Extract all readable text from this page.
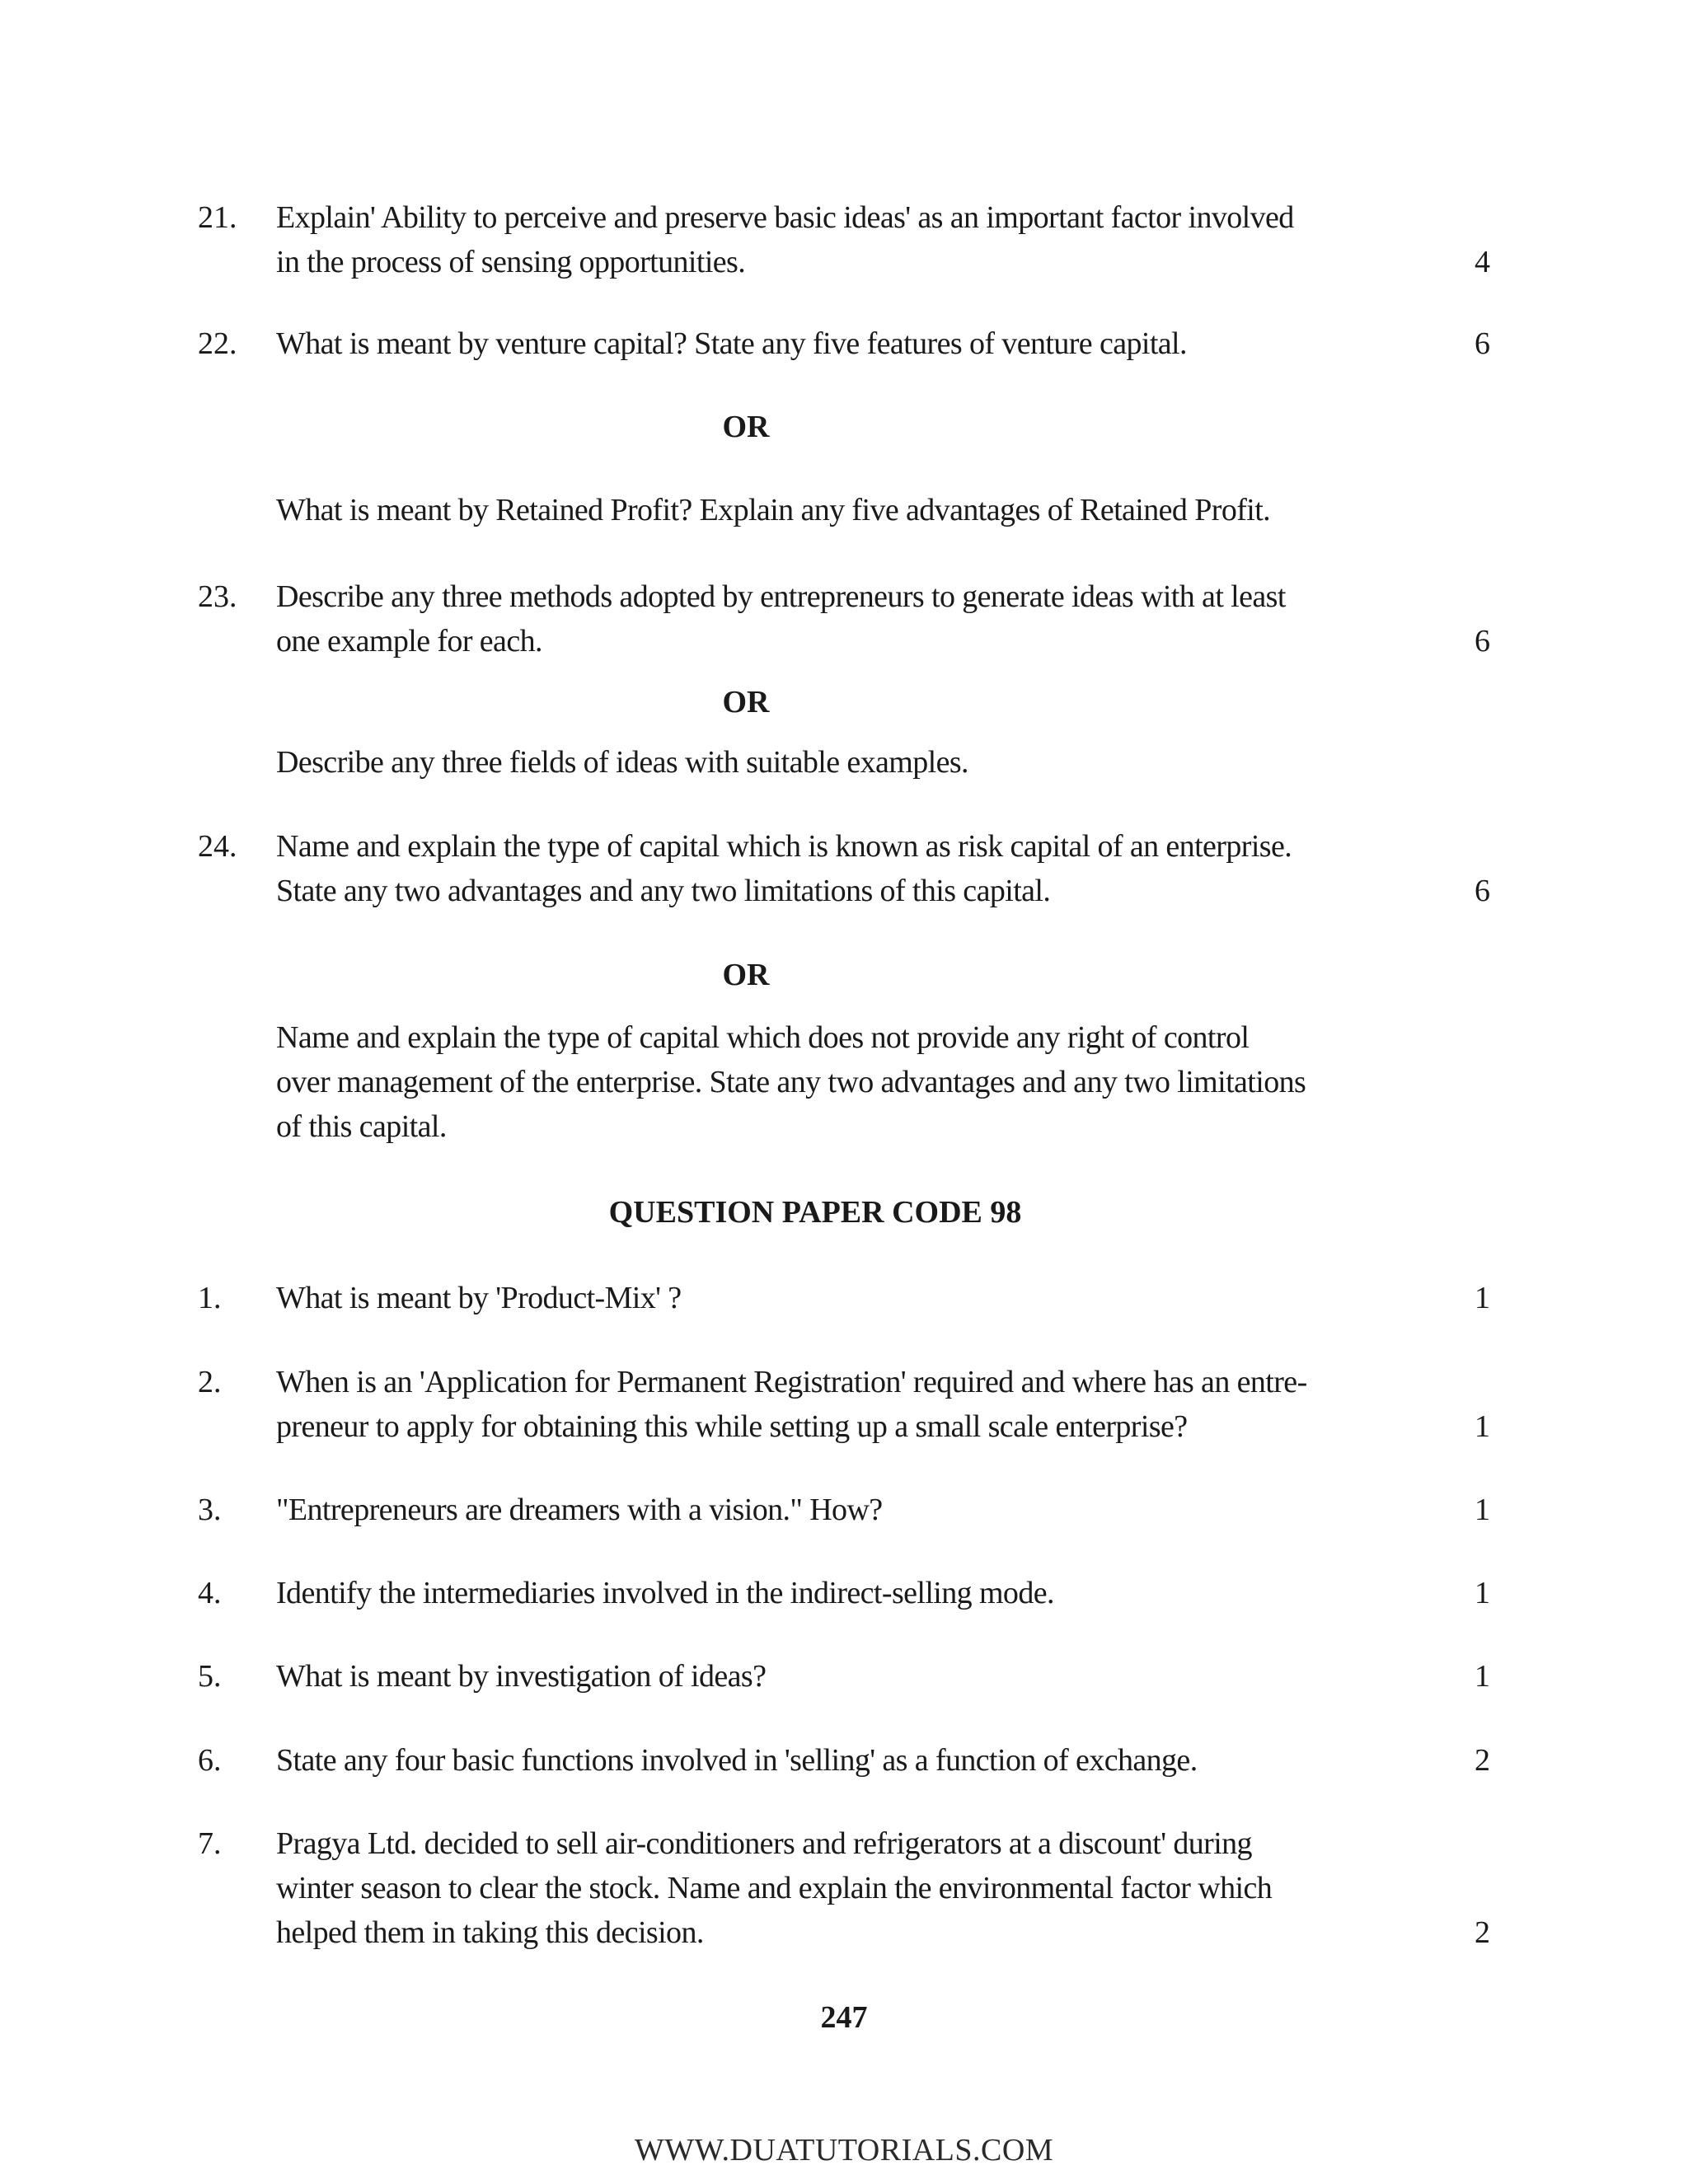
21. Explain' Ability to perceive and preserve basic ideas' as an important factor involved
in the process of sensing opportunities.	4
22. What is meant by venture capital? State any five features of venture capital.	6
OR
What is meant by Retained Profit? Explain any five advantages of Retained Profit.
23. Describe any three methods adopted by entrepreneurs to generate ideas with at least
one example for each.	6
OR
Describe any three fields of ideas with suitable examples.
24. Name and explain the type of capital which is known as risk capital of an enterprise.
State any two advantages and any two limitations of this capital.	6
OR
Name and explain the type of capital which does not provide any right of control
over management of the enterprise. State any two advantages and any two limitations
of this capital.
QUESTION PAPER CODE 98
1. What is meant by 'Product-Mix' ?	1
2. When is an 'Application for Permanent Registration' required and where has an entre-
preneur to apply for obtaining this while setting up a small scale enterprise?	1
3. "Entrepreneurs are dreamers with a vision." How?	1
4. Identify the intermediaries involved in the indirect-selling mode.	1
5. What is meant by investigation of ideas?	1
6. State any four basic functions involved in 'selling' as a function of exchange.	2
7. Pragya Ltd. decided to sell air-conditioners and refrigerators at a discount' during
winter season to clear the stock. Name and explain the environmental factor which
helped them in taking this decision.	2
247
WWW.DUATUTORIALS.COM
